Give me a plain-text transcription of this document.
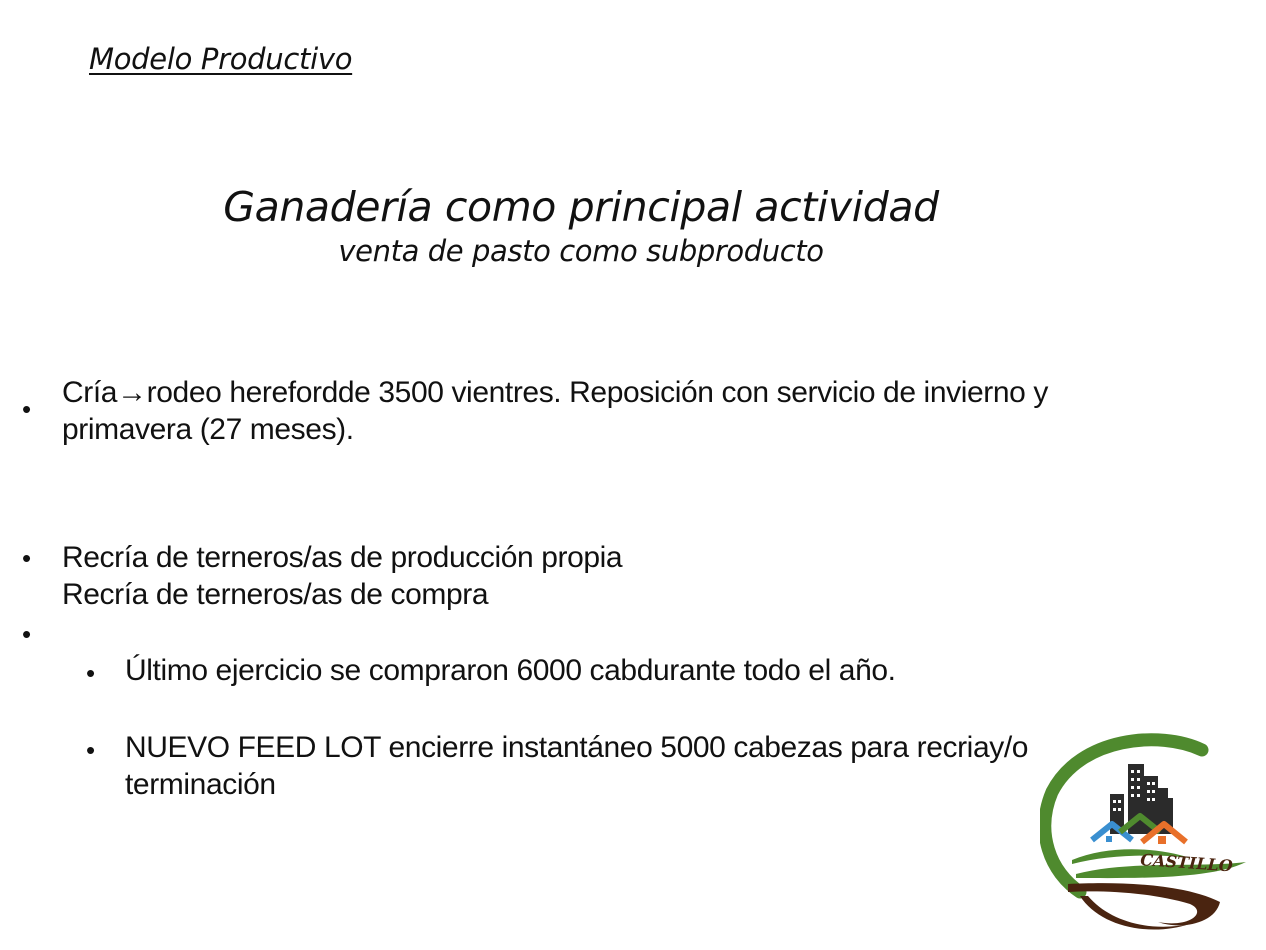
Modelo Productivo
Ganadería como principal actividad
venta de pasto como subproducto
• Cría→rodeo herefordde 3500 vientres. Reposición con servicio de invierno y
primavera (27 meses).
• Recría de terneros/as de producción propia
Recría de terneros/as de compra
•
• Último ejercicio se compraron 6000 cabdurante todo el año.
• NUEVO FEED LOT encierre instantáneo 5000 cabezas para recriay/o
terminación
CASTILLO
